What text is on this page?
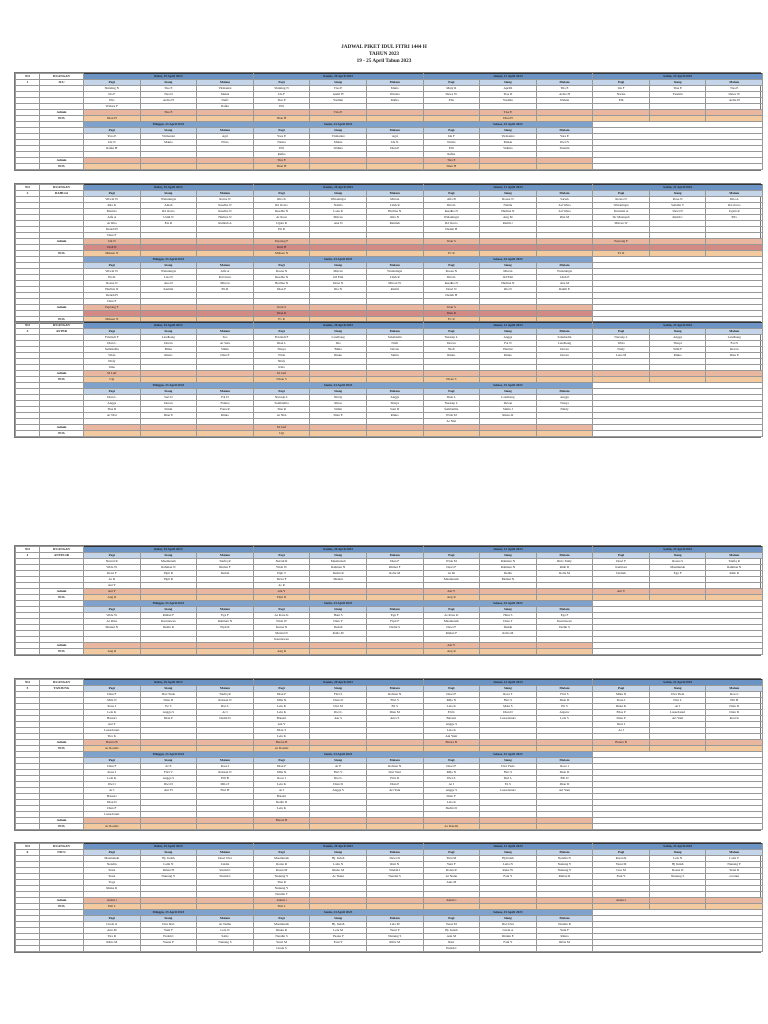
JADWAL PIKET IDUL FITRI 1444 H
TAHUN 2023
19 - 25 April Tahun 2023
NO	RUANGAN	Rabu, 19 April 2023			Kamis, 20 April 2023			Jumat, 21 April 2023			Sabtu, 22 April 2023		
1	ICU	Pagi	Siang	Malam	Pagi	Siang	Malam	Pagi	Siang	Malam	Pagi	Siang	Malam
		Shinting N	Tisa E	Virmanisi	Shinting N	Tisa E	Mutia	Muly R	Aprilli	Tila E	Ida F	Tina E	Tisa E
		Ida F	Tisa D	Makia	Ida F	Andri H	Waniza	Dewa W	Tisa D	Ardia H	Narisa	Yasmin	Dewa W
		Elis	Ardia H	Nefri	Tisa E	Yasmin	Rafka	Elis	Yasmin	Wahita	Elli		Ardia H
		Widara F		Rafka	Elli								
	Admin		Tisa E			Tisa E			Tisa E				
	POS	Dian H			Dian H				Dian H				
		Minggu, 23 April 2023			Senin, 24 April 2023			Selasa, 25 April 2023					
		Pagi	Siang	Malam	Pagi	Siang	Malam	Pagi	Siang	Malam			
		Yara E	Virmanisi	Agri	Yara E	Virmanisi	Agri	Ida F	Virmanisi	Yara E			
		Ida N	Makia	Fitria	Natisa	Makia	Ida N	Natisa	Makia	Dwi N			
		Rafka H			Elli	Wahita	Dian E	Elli	Wahita	Yasmin			
					Rafka			Rafka					
	Admin				Tisa E			Tisa E					
	POS				Dian H			Dian H					
NO	RUANGAN	Rabu, 19 April 2023			Kamis, 20 April 2023			Jumat, 21 April 2023			Sabtu, 22 April 2023		
2	DAHLIA	Pagi	Siang	Malam	Pagi	Siang	Malam	Pagi	Siang	Malam	Pagi	Siang	Malam
		Wiwin W	Wulaningsi	Rotna N	Rita K	Wulaningsi	Mirran	Alfa B	Rosna N	Sariah	Rosna N	Rosa N	Dita A
		Rita K	Alnah	Reedha N	Rd Oceto	Nabila	Lilah R	Rita K	Nabila	Ari Wina	Wulaningsi	Setidha V	Rd Oceto
		Maristo	Rd Oceto	Reedha N	Reedha N	Lana K	Herlina N	Reedha N	Herlina N	Ari Wina	Kurniasi A	Dewi N	Ugsin R
		Alfa A	Usmi N	Herlina N	Ar Rosa	Mirran	Rita N	Wulaningsi	Ang M	Rita M	Sir Mustajab	Ramli c	Eliv
		Ar Rita	Ela R	Ramlah A	Ugsin R	Ana D	Ramlah	Rd Oceto	Ramli c		Mirran W		
		Dedeh H			Eli R			Dedeh H					
		Dian F											
	Admin	Jali N			Peprang F			Jiran S			Peprang F		
		Dedi B			Dedi H								
	POS	Miksen N			Miksen N			Ev R			Ev R		
		Minggu, 23 April 2023			Senin, 24 April 2023			Selasa, 25 April 2023					
		Pagi	Siang	Malam	Pagi	Siang	Malam	Pagi	Siang	Malam			
		Wiwin W	Wulaningsi	Alfa A	Rosna N	Mirran	Wulaningsi	Rosna N	Mirran	Wulaningsi			
		Ela R	Lisa N	Rd Oceto	Reedha N	Od Elni	Lilah R	Rita K	Od Elni	Lilah E			
		Rosna N	Ana D	Mirran	Herlina N	Dewi N	Mirran W	Reedha N	Herlina N	Ana M			
		Herlina N	Kamila	Eli R	Dian F	Ria N	Ramli	Dewi N	Ria N	Ramli E			
		Dedeh H						Dedeh H					
		Dian F											
	Admin	Peprang F			Jiran S			Jiran S					
					Dian R			Dian R					
	POS	Miksen N			Ev R			Ev R					
NO	RUANGAN	Rabu, 19 April 2023			Kamis, 20 April 2023			Jumat, 21 April 2023			Sabtu, 22 April 2023		
3	ASTER	Pagi	Siang	Malam	Pagi	Siang	Malam	Pagi	Siang	Malam	Pagi	Siang	Malam
		Fristiadi F	Landbang	Teo	Fristiadi F	Landbang	Sahabudin	Nurasip L	Angga	Sahabudin	Nurasip L	Angga	Landbang
		Dian L	Devan	Ar Sela	Dian L	Dia	Nisfi	Devan	Fat N	Landbang	Wida	Tinsya	Fat N
		Sembiellia	Bima	Simin	Tinsya	Bima	Devan	Nisfi	Hartini	Devan	Nisfy	Simi F	Devan
		Wida	Rinko	Dian E	Wida	Rinko	Simin	Rinko	Rinko	Devan	Lana M	Rinko	Dian E
		Nisfy			Nisfy								
		Irma			Irma								
	Admin	M Lutf			M Lutf								
	POS	Ugi			Nisan S			Nisan S					
		Minggu, 23 April 2023			Senin, 24 April 2023			Selasa, 25 April 2023					
		Pagi	Siang	Malam	Pagi	Siang	Malam	Pagi	Siang	Malam			
		Dian L	Sari D	Fat D	Nurasip L	Nindy	Angga	Dian L	Landbang	Angga			
		Angga	Devan	Fanina	Sembiellia	Rinas	Tinsya	Nurasip L	Devan	Tinsya			
		Tina R	Simin	Fanu R	Tina R	Simin	Sani D	Sembiellia	Simin J	Nindy			
		Ar Nisi	Dian E	Rinko	Ar Nisi	Dian E	Rinko	Wida M	Rinko R				
								Ar Nisi					
	Admin				M Lutf								
	POS				Ugi								
NO	RUANGAN	Rabu, 19 April 2023			Kamis, 20 April 2023			Jumat, 21 April 2023			Sabtu, 22 April 2023		
4	ANYELIR	Pagi	Siang	Malam	Pagi	Siang	Malam	Pagi	Siang	Malam	Pagi	Siang	Malam
		Nurrul R	Maemunah	Taufiq R	Nurrul R	Maemunah	Dien F	Wida M	Rahman N	Riris Tamy	Dewi F	Rosna S	Taufiq R
		Wida W	Rahman N	Rinbei F	Wida W	Rahman N	Rinbei F	Dewi F	Rahman N	Rinb R	Kurniasi	Maemunah	Rahman N
		Dewi F	Pipit R	Dedah	Pipit T	Dedin R	Rolle M	Ar Ri	Dedin	Rolle M	Dadieh	Ega F	Rinb R
		Ar R	Pipit R		Dewi F	Melani		Maemunah	Melani N				
		Ani Y			Ar R								
	Admin	Ani Y			Ani Y			Ani Y			Ani Y		
	POS	Ang R			Pipit R			Ang R					
		Minggu, 23 April 2023			Senin, 24 April 2023			Selasa, 25 April 2023					
		Pagi	Siang	Malam	Pagi	Siang	Malam	Pagi	Siang	Malam			
		Wida W	Rinbei F	Ega F	Ar Rosa K	Hani S	Ega F	Ar Rosa K	Hani S	Ega F			
		Ar Rina	Kurniawan	Rahman N	Wida W	Dian Y	Fipit F	Maemunah	Dian T	Kurniawan			
		Melani N	Dedin R	Pipit R	Kurna N	Dedah	Dedin S	Dewi F	Dedah	Dedin S			
					Melani N	Rolle M		Rinbei F	Rolle M				
					Kurniawan								
	Admin							Ani Y					
	POS	Ang R			Ang R			Ang R					
NO	RUANGAN	Rabu, 19 April 2023			Kamis, 20 April 2023			Jumat, 21 April 2023			Sabtu, 22 April 2023		
5	TANJUNG	Pagi	Siang	Malam	Pagi	Siang	Malam	Pagi	Siang	Malam	Pagi	Siang	Malam
		Dian F	Dwi Yuda	Taufiq R	Dian F	Fitri S	Rohsan N	Dewi F	Rosa T	Fitri S	Mika N	Dwi Yuda	Rosa I
		Mila N	Dian D	Rohsan N	Mila N	Dian D	Fitri S	Mila N	Fitri S	Dian D	Rosa I	Dwi L	Elli B
		Rosa I	Ez S	Dwi L	Lela K	Dwi M	Eli S	Lela K	Mala S	Eli S	Riski K	Ar I	Dian D
		Lela K	Angga S	Ar I	Lela K	Dwi L	Dian M	Eli K	Dian D	Anjarw	Elias P	Lusardaruri	Dian D
		Bataari	Dian P	Dedin D	Bataari	Anr S	Anra S	Bataari	Lusardaruri	Lela S	Dian P	Ari Yani	Rosi K
		Ani Y			Ani Y			Angga S			Riza I		
		Lusardaruri			Dian T			Lela K			Ar I		
		Tira K			Lela K			Ani Yuni					
	Admin	Batara B			Batara B			Batara B			Batara B		
	POS	Ar Roudiz			Ar Roudiz								
		Minggu, 23 April 2023			Senin, 24 April 2023			Selasa, 25 April 2023					
		Pagi	Siang	Malam	Pagi	Siang	Malam	Pagi	Siang	Malam			
		Dian F	Ar E	Rosa I	Dian F	Ar E	Rohsan N	Dewi F	Dwi Yuda	Rosa I			
		Rosa I	Fitri V	Rohsan N	Mila N	Fitri V	Dwi Yani	Mila N	Fitri S	Dian D			
		Lela K	Angga S	Elli B	Rosa I	Dwi L	Fitri D	Dwi Z	Dwi L	Elli D			
		Dwi I	Dwi D	Mila P	Lela K	Dian D	Dian P	Ar I	Ez S	Dian D			
		Ar I	Ani Yi	Fitri H	Ar I	Angga S	Ari Yani	Angga S	Lusardaruri	Ari Yani			
		Bataari			Bataari			Dian Y					
		Dian D			Dedin D			Lela K					
		Dian F			Lela K			Dedin D					
		Lusardaruri											
	Admin				Batara B								
	POS	Ar Roudiz						Ar Roudiz					
NO	RUANGAN	Rabu, 19 April 2023			Kamis, 20 April 2023			Jumat, 21 April 2023			Sabtu, 22 April 2023		
6	NICU	Pagi	Siang	Malam	Pagi	Siang	Malam	Pagi	Siang	Malam	Pagi	Siang	Malam
		Maemunah	Hj. Indah	Dewi Dwi	Maemunah	Hj. Indah	Dewi D	Yuni M	Hj.Indah	Nendin N	Rotan R	Lela N	Laila V
		Nendin	Laila N	Lindie	Rotan R	Laila N	Rini N	Yeni F	Laila N	Nunung Y	Yessi M	Hj Indah	Nunung Y
		Yessi	Rinan H	Sindah I	Rotan M	Rinko M	Sindah I	Rotan R	Reka W	Nunung Y	Lisa M	Rosna D	Yessi R
		Yessi	Nunung Y	Sindah I	Nunung Y	Ar Nunu	Nendin S	Ar Nunu	Fani Y	Rinbei R	Fani Y	Nunung S	ercanni
		Yoga			Tina R			Anis M					
		Rinka R			Nunung Y								
					Nendin T								
	Admin	Anisis i			Anisis i			Anisis i			Anisis i		
	POS	Yuli L			Yuli L								
		Minggu, 23 April 2023			Senin, 24 April 2023			Selasa, 25 April 2023					
		Pagi	Siang	Malam	Pagi	Siang	Malam	Pagi	Siang	Malam			
		Linda A	Dwi Dwi	Ar Nemu	Maemunah	Hj. Indah	Lela M	Yessi M	Dwi Dwi	Nendin R			
		Ann M	Yuni F	Lela N	Rinka R	Lela M	Yessi P	Hj. Indah	Linda A	Yuni F			
		Tira R	Endah I	Sabis	Nendin S	Yuana P	Nunung S	Ann M	Rinnin E	Rinna			
		Ribis M	Yuana P	Nunung S	Yessi M	Fani Y	Ribis M	Rins	Fani Y	Ribis M			
					Linda S			Endah I					
